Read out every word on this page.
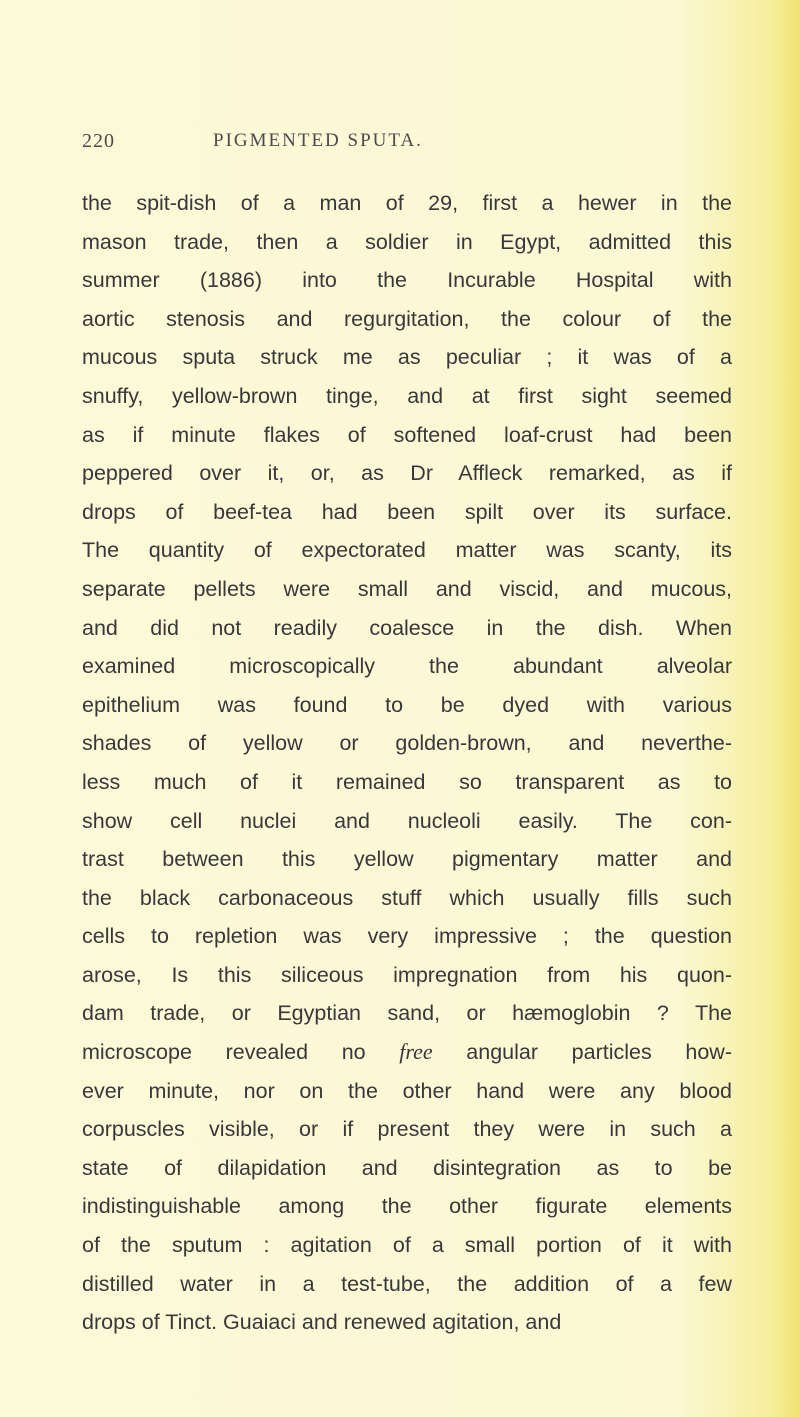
220	PIGMENTED SPUTA.
the spit-dish of a man of 29, first a hewer in the
mason trade, then a soldier in Egypt, admitted this
summer (1886) into the Incurable Hospital with
aortic stenosis and regurgitation, the colour of the
mucous sputa struck me as peculiar ; it was of a
snuffy, yellow-brown tinge, and at first sight seemed
as if minute flakes of softened loaf-crust had been
peppered over it, or, as Dr Affleck remarked, as if
drops of beef-tea had been spilt over its surface.
The quantity of expectorated matter was scanty, its
separate pellets were small and viscid, and mucous,
and did not readily coalesce in the dish. When
examined microscopically the abundant alveolar
epithelium was found to be dyed with various
shades of yellow or golden-brown, and neverthe-
less much of it remained so transparent as to
show cell nuclei and nucleoli easily. The con-
trast between this yellow pigmentary matter and
the black carbonaceous stuff which usually fills such
cells to repletion was very impressive ; the question
arose, Is this siliceous impregnation from his quon-
dam trade, or Egyptian sand, or hæmoglobin ? The
microscope revealed no free angular particles how-
ever minute, nor on the other hand were any blood
corpuscles visible, or if present they were in such a
state of dilapidation and disintegration as to be
indistinguishable among the other figurate elements
of the sputum : agitation of a small portion of it with
distilled water in a test-tube, the addition of a few
drops of Tinct. Guaiaci and renewed agitation, and
